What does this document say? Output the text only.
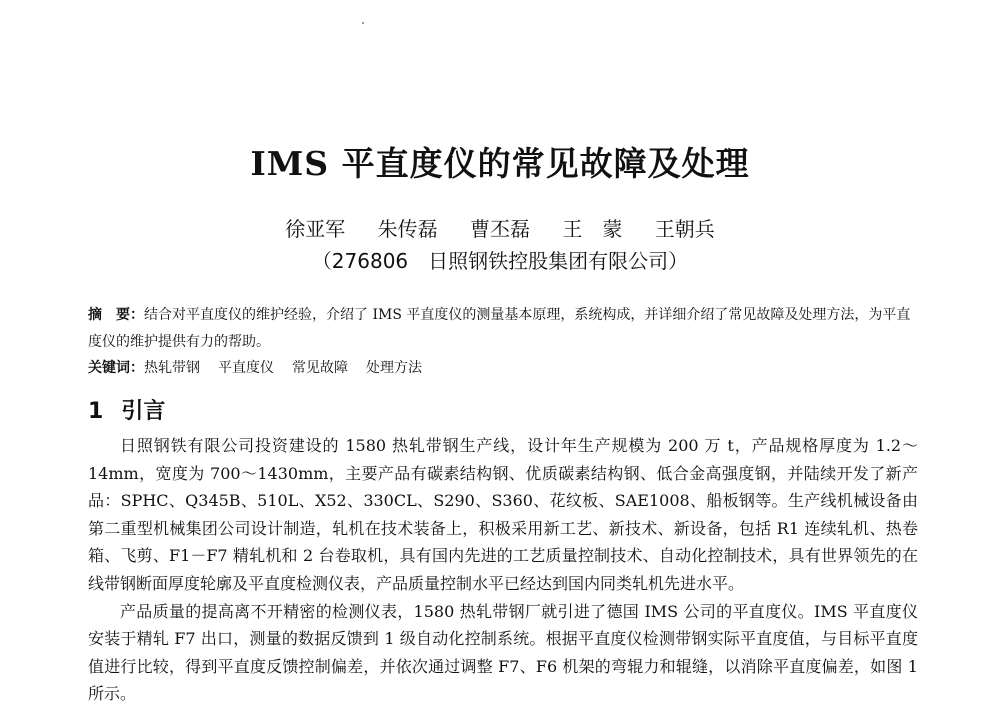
IMS 平直度仪的常见故障及处理
徐亚军 朱传磊 曹丕磊 王　蒙 王朝兵
（276806　日照钢铁控股集团有限公司）
摘　要：结合对平直度仪的维护经验，介绍了 IMS 平直度仪的测量基本原理，系统构成，并详细介绍了常见故障及处理方法，为平直度仪的维护提供有力的帮助。
关键词：热轧带钢 平直度仪 常见故障 处理方法
1 引言

日照钢铁有限公司投资建设的 1580 热轧带钢生产线，设计年生产规模为 200 万 t，产品规格厚度为 1.2～14mm，宽度为 700～1430mm，主要产品有碳素结构钢、优质碳素结构钢、低合金高强度钢，并陆续开发了新产品：SPHC、Q345B、510L、X52、330CL、S290、S360、花纹板、SAE1008、船板钢等。生产线机械设备由第二重型机械集团公司设计制造，轧机在技术装备上，积极采用新工艺、新技术、新设备，包括 R1 连续轧机、热卷箱、飞剪、F1－F7 精轧机和 2 台卷取机，具有国内先进的工艺质量控制技术、自动化控制技术，具有世界领先的在线带钢断面厚度轮廓及平直度检测仪表，产品质量控制水平已经达到国内同类轧机先进水平。

产品质量的提高离不开精密的检测仪表，1580 热轧带钢厂就引进了德国 IMS 公司的平直度仪。IMS 平直度仪安装于精轧 F7 出口，测量的数据反馈到 1 级自动化控制系统。根据平直度仪检测带钢实际平直度值，与目标平直度值进行比较，得到平直度反馈控制偏差，并依次通过调整 F7、F6 机架的弯辊力和辊缝，以消除平直度偏差，如图 1 所示。
